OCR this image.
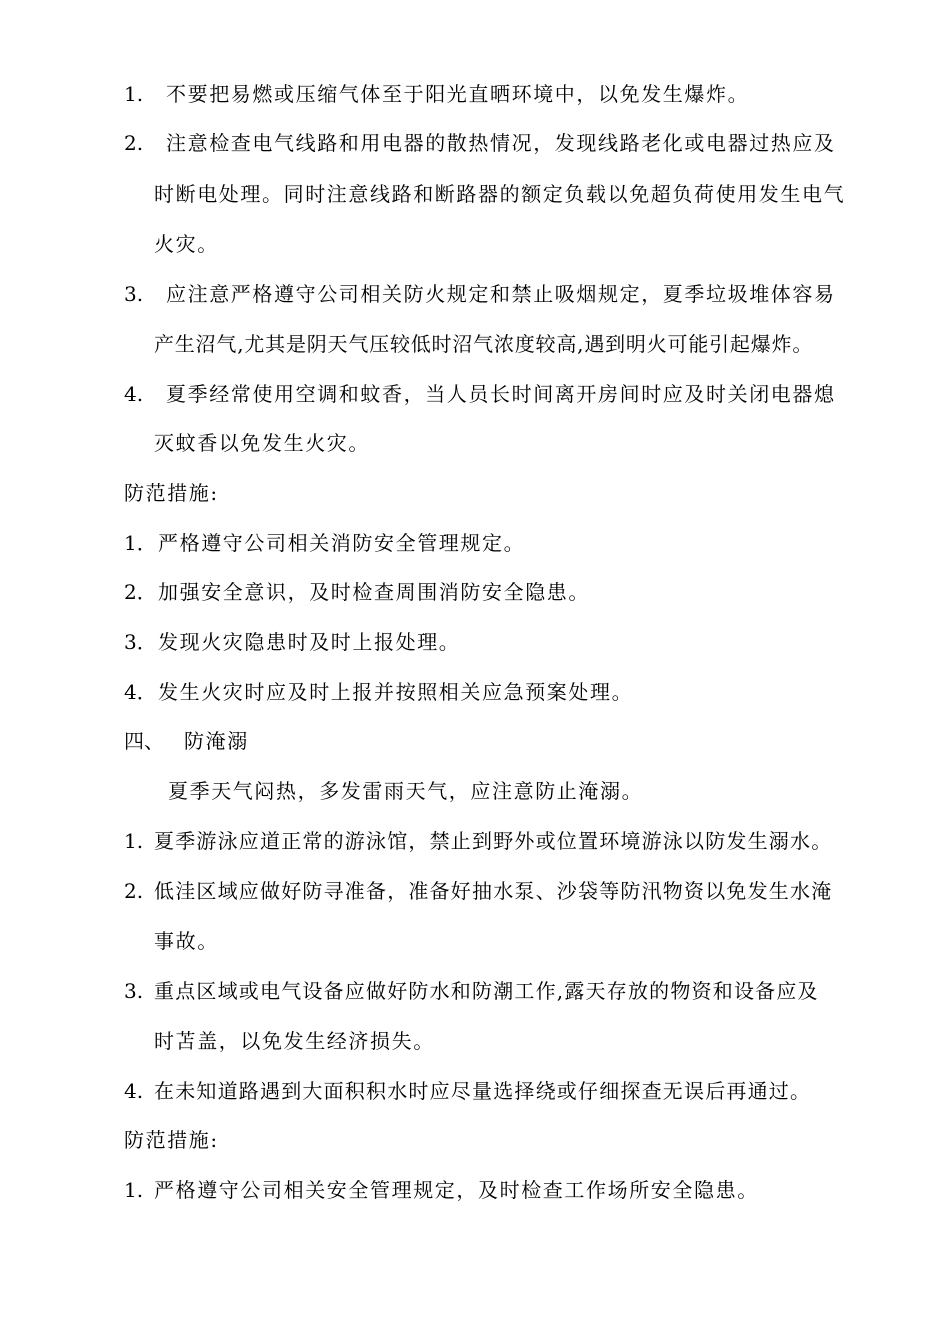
1. 不要把易燃或压缩气体至于阳光直晒环境中，以免发生爆炸。
2. 注意检查电气线路和用电器的散热情况，发现线路老化或电器过热应及
时断电处理。同时注意线路和断路器的额定负载以免超负荷使用发生电气
火灾。
3. 应注意严格遵守公司相关防火规定和禁止吸烟规定，夏季垃圾堆体容易
产生沼气,尤其是阴天气压较低时沼气浓度较高,遇到明火可能引起爆炸。
4. 夏季经常使用空调和蚊香，当人员长时间离开房间时应及时关闭电器熄
灭蚊香以免发生火灾。
防范措施:
1． 严格遵守公司相关消防安全管理规定。
2． 加强安全意识，及时检查周围消防安全隐患。
3． 发现火灾隐患时及时上报处理。
4． 发生火灾时应及时上报并按照相关应急预案处理。
四、 防淹溺
夏季天气闷热，多发雷雨天气，应注意防止淹溺。
1. 夏季游泳应道正常的游泳馆，禁止到野外或位置环境游泳以防发生溺水。
2. 低洼区域应做好防寻准备，准备好抽水泵、沙袋等防汛物资以免发生水淹
事故。
3. 重点区域或电气设备应做好防水和防潮工作,露天存放的物资和设备应及
时苫盖，以免发生经济损失。
4. 在未知道路遇到大面积积水时应尽量选择绕或仔细探查无误后再通过。
防范措施:
1. 严格遵守公司相关安全管理规定，及时检查工作场所安全隐患。
